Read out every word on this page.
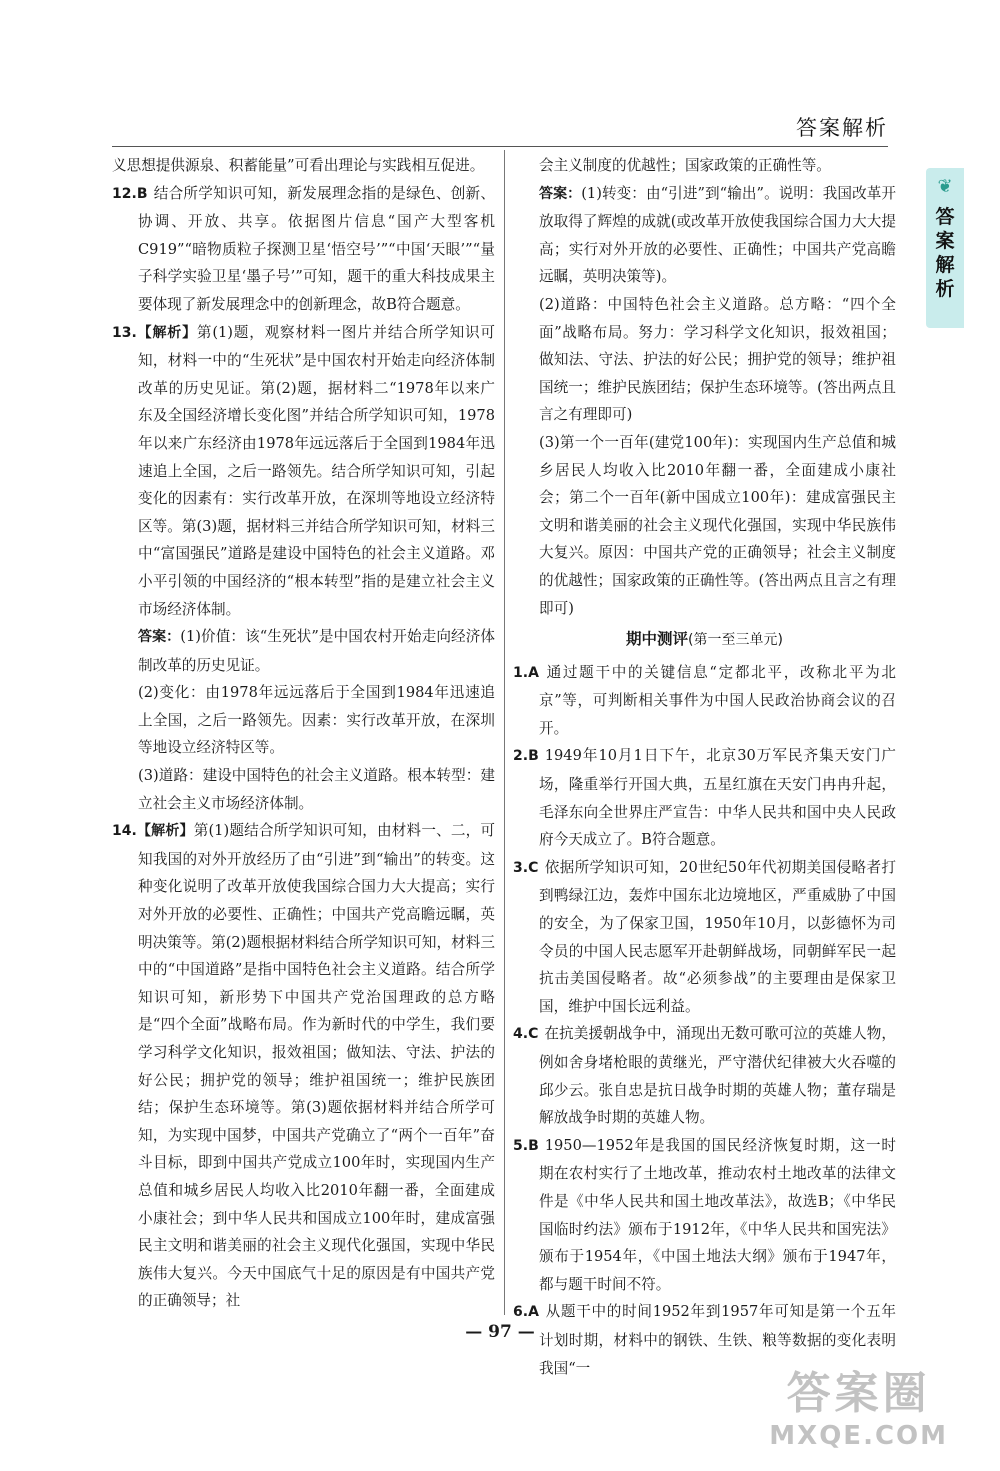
答案解析
❦
答案解析

义思想提供源泉、积蓄能量”可看出理论与实践相互促进。

12.B 结合所学知识可知，新发展理念指的是绿色、创新、协调、开放、共享。依据图片信息“国产大型客机C919”“暗物质粒子探测卫星‘悟空号’”“中国‘天眼’”“量子科学实验卫星‘墨子号’”可知，题干的重大科技成果主要体现了新发展理念中的创新理念，故B符合题意。

13.【解析】第(1)题，观察材料一图片并结合所学知识可知，材料一中的“生死状”是中国农村开始走向经济体制改革的历史见证。第(2)题，据材料二“1978年以来广东及全国经济增长变化图”并结合所学知识可知，1978年以来广东经济由1978年远远落后于全国到1984年迅速追上全国，之后一路领先。结合所学知识可知，引起变化的因素有：实行改革开放，在深圳等地设立经济特区等。第(3)题，据材料三并结合所学知识可知，材料三中“富国强民”道路是建设中国特色的社会主义道路。邓小平引领的中国经济的“根本转型”指的是建立社会主义市场经济体制。

答案：(1)价值：该“生死状”是中国农村开始走向经济体制改革的历史见证。

(2)变化：由1978年远远落后于全国到1984年迅速追上全国，之后一路领先。因素：实行改革开放，在深圳等地设立经济特区等。

(3)道路：建设中国特色的社会主义道路。根本转型：建立社会主义市场经济体制。

14.【解析】第(1)题结合所学知识可知，由材料一、二，可知我国的对外开放经历了由“引进”到“输出”的转变。这种变化说明了改革开放使我国综合国力大大提高；实行对外开放的必要性、正确性；中国共产党高瞻远瞩，英明决策等。第(2)题根据材料结合所学知识可知，材料三中的“中国道路”是指中国特色社会主义道路。结合所学知识可知，新形势下中国共产党治国理政的总方略是“四个全面”战略布局。作为新时代的中学生，我们要学习科学文化知识，报效祖国；做知法、守法、护法的好公民；拥护党的领导；维护祖国统一；维护民族团结；保护生态环境等。第(3)题依据材料并结合所学可知，为实现中国梦，中国共产党确立了“两个一百年”奋斗目标，即到中国共产党成立100年时，实现国内生产总值和城乡居民人均收入比2010年翻一番，全面建成小康社会；到中华人民共和国成立100年时，建成富强民主文明和谐美丽的社会主义现代化强国，实现中华民族伟大复兴。今天中国底气十足的原因是有中国共产党的正确领导；社

会主义制度的优越性；国家政策的正确性等。

答案：(1)转变：由“引进”到“输出”。说明：我国改革开放取得了辉煌的成就(或改革开放使我国综合国力大大提高；实行对外开放的必要性、正确性；中国共产党高瞻远瞩，英明决策等)。

(2)道路：中国特色社会主义道路。总方略：“四个全面”战略布局。努力：学习科学文化知识，报效祖国；做知法、守法、护法的好公民；拥护党的领导；维护祖国统一；维护民族团结；保护生态环境等。(答出两点且言之有理即可)

(3)第一个一百年(建党100年)：实现国内生产总值和城乡居民人均收入比2010年翻一番，全面建成小康社会；第二个一百年(新中国成立100年)：建成富强民主文明和谐美丽的社会主义现代化强国，实现中华民族伟大复兴。原因：中国共产党的正确领导；社会主义制度的优越性；国家政策的正确性等。(答出两点且言之有理即可)

期中测评(第一至三单元)

1.A 通过题干中的关键信息“定都北平，改称北平为北京”等，可判断相关事件为中国人民政治协商会议的召开。

2.B 1949年10月1日下午，北京30万军民齐集天安门广场，隆重举行开国大典，五星红旗在天安门冉冉升起，毛泽东向全世界庄严宣告：中华人民共和国中央人民政府今天成立了。B符合题意。

3.C 依据所学知识可知，20世纪50年代初期美国侵略者打到鸭绿江边，轰炸中国东北边境地区，严重威胁了中国的安全，为了保家卫国，1950年10月，以彭德怀为司令员的中国人民志愿军开赴朝鲜战场，同朝鲜军民一起抗击美国侵略者。故“必须参战”的主要理由是保家卫国，维护中国长远利益。

4.C 在抗美援朝战争中，涌现出无数可歌可泣的英雄人物，例如舍身堵枪眼的黄继光，严守潜伏纪律被大火吞噬的邱少云。张自忠是抗日战争时期的英雄人物；董存瑞是解放战争时期的英雄人物。

5.B 1950—1952年是我国的国民经济恢复时期，这一时期在农村实行了土地改革，推动农村土地改革的法律文件是《中华人民共和国土地改革法》，故选B；《中华民国临时约法》颁布于1912年，《中华人民共和国宪法》颁布于1954年，《中国土地法大纲》颁布于1947年，都与题干时间不符。

6.A 从题干中的时间1952年到1957年可知是第一个五年计划时期，材料中的钢铁、生铁、粮等数据的变化表明我国“一

— 97 —
答案圈
MXQE.COM
